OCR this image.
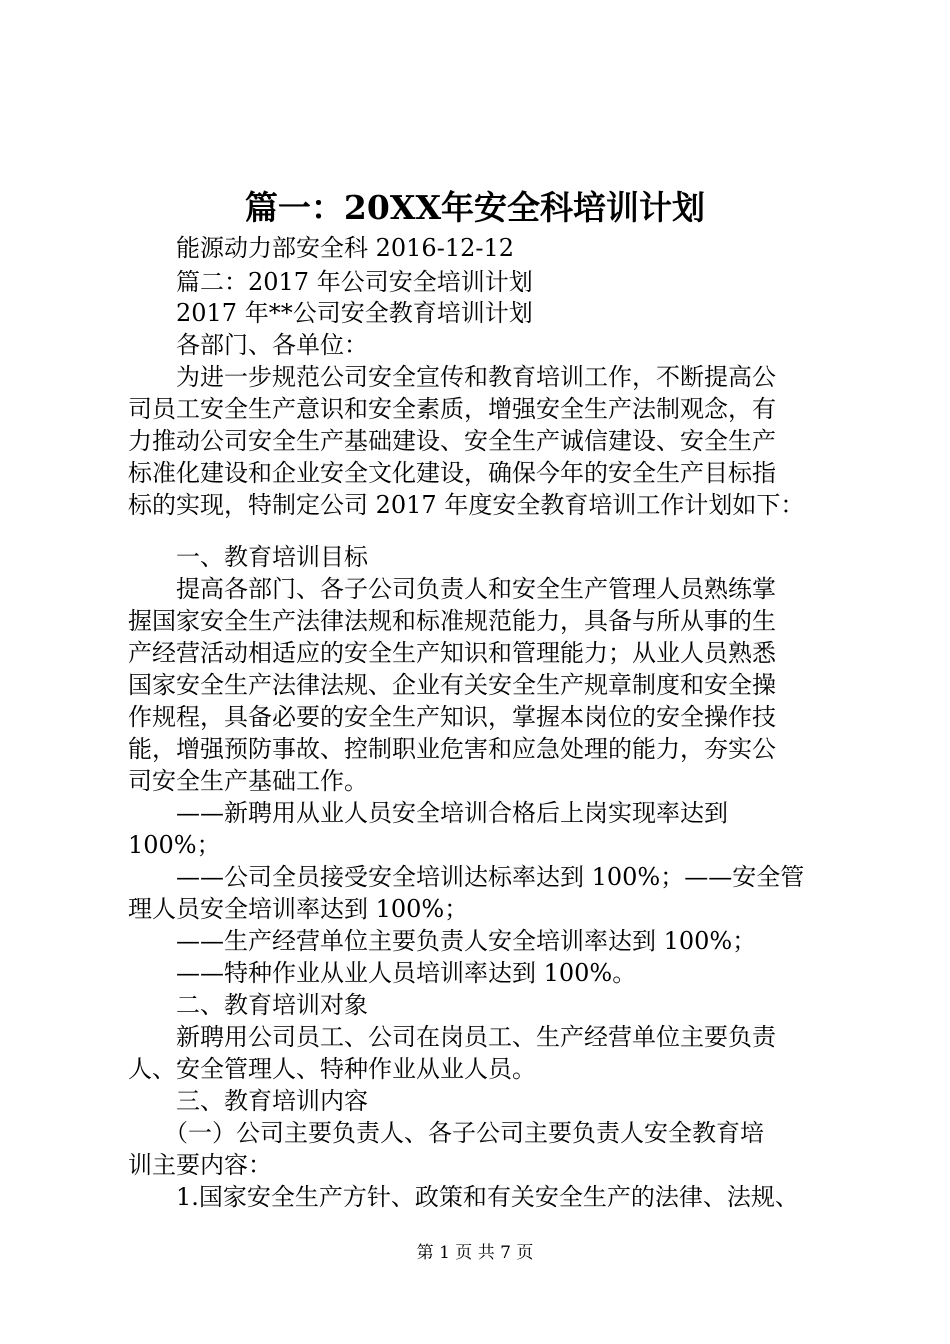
篇一：20XX年安全科培训计划

　　能源动力部安全科 2016-12-12

　　篇二：2017 年公司安全培训计划

　　2017 年**公司安全教育培训计划

　　各部门、各单位：

　　为进一步规范公司安全宣传和教育培训工作，不断提高公

司员工安全生产意识和安全素质，增强安全生产法制观念，有

力推动公司安全生产基础建设、安全生产诚信建设、安全生产

标准化建设和企业安全文化建设，确保今年的安全生产目标指

标的实现，特制定公司 2017 年度安全教育培训工作计划如下：

　　一、教育培训目标

　　提高各部门、各子公司负责人和安全生产管理人员熟练掌

握国家安全生产法律法规和标准规范能力，具备与所从事的生

产经营活动相适应的安全生产知识和管理能力；从业人员熟悉

国家安全生产法律法规、企业有关安全生产规章制度和安全操

作规程，具备必要的安全生产知识，掌握本岗位的安全操作技

能，增强预防事故、控制职业危害和应急处理的能力，夯实公

司安全生产基础工作。

　　——新聘用从业人员安全培训合格后上岗实现率达到

100%；

　　——公司全员接受安全培训达标率达到 100%；——安全管

理人员安全培训率达到 100%；

　　——生产经营单位主要负责人安全培训率达到 100%；

　　——特种作业从业人员培训率达到 100%。

　　二、教育培训对象

　　新聘用公司员工、公司在岗员工、生产经营单位主要负责

人、安全管理人、特种作业从业人员。

　　三、教育培训内容

　　（一）公司主要负责人、各子公司主要负责人安全教育培

训主要内容：

　　1.国家安全生产方针、政策和有关安全生产的法律、法规、

第 1 页 共 7 页
